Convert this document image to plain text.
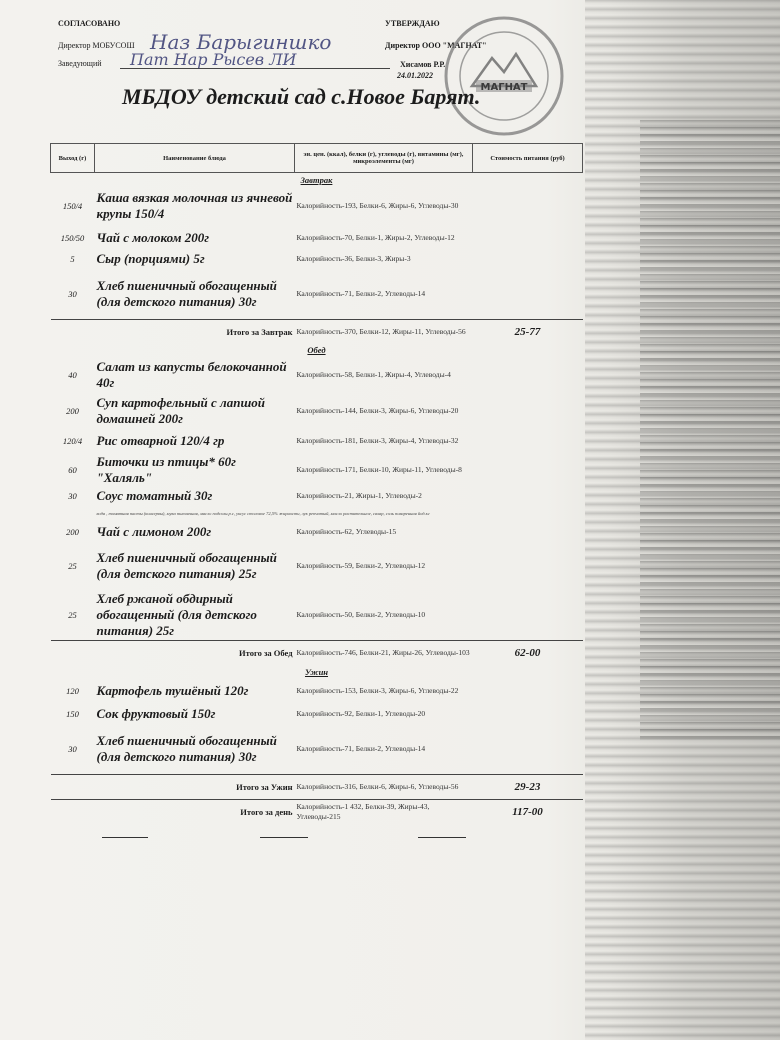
СОГЛАСОВАНО
Директор МОБУСОШ
Заведующий
Наз Барыгиншко
Пат Нар Рысев ЛИ
УТВЕРЖДАЮ
Директор ООО "МАГНАТ"
Хисамов Р.Р.
24.01.2022
МАГНАТ
МБДОУ детский сад с.Новое Барят.
Выход (г)	Наименование блюда	эн. цен. (ккал), белки (г), углеводы (г), витамины (мг), микроэлементы (мг)	Стоимость питания (руб)
Завтрак			
150/4	Каша вязкая молочная из ячневой крупы 150/4	Калорийность-193, Белки-6, Жиры-6, Углеводы-30	
150/50	Чай с молоком 200г	Калорийность-70, Белки-1, Жиры-2, Углеводы-12	
5	Сыр (порциями) 5г	Калорийность-36, Белки-3, Жиры-3	
30	Хлеб пшеничный обогащенный (для детского питания) 30г	Калорийность-71, Белки-2, Углеводы-14	
Итого за Завтрак		Калорийность-370, Белки-12, Жиры-11, Углеводы-56	25-77
Обед			
40	Салат из капусты белокочанной 40г	Калорийность-58, Белки-1, Жиры-4, Углеводы-4	
200	Суп картофельный с лапшой домашней 200г	Калорийность-144, Белки-3, Жиры-6, Углеводы-20	
120/4	Рис отварной 120/4 гр	Калорийность-181, Белки-3, Жиры-4, Углеводы-32	
60	Биточки из птицы* 60г "Халяль"	Калорийность-171, Белки-10, Жиры-11, Углеводы-8	
30	Соус томатный 30г	Калорийность-21, Жиры-1, Углеводы-2	
	вода , томатная пасты (консервы), мука пшеничная, масло подсолн.р.с, уксус столовое 72,5% жирности, лук репчатый, масло растительное, сахар, соль поваренная йод.кг		
200	Чай с лимоном 200г	Калорийность-62, Углеводы-15	
25	Хлеб пшеничный обогащенный (для детского питания) 25г	Калорийность-59, Белки-2, Углеводы-12	
25	Хлеб ржаной обдирный обогащенный (для детского питания) 25г	Калорийность-50, Белки-2, Углеводы-10	
Итого за Обед		Калорийность-746, Белки-21, Жиры-26, Углеводы-103	62-00
Ужин			
120	Картофель тушёный 120г	Калорийность-153, Белки-3, Жиры-6, Углеводы-22	
150	Сок фруктовый 150г	Калорийность-92, Белки-1, Углеводы-20	
30	Хлеб пшеничный обогащенный (для детского питания) 30г	Калорийность-71, Белки-2, Углеводы-14	
Итого за Ужин		Калорийность-316, Белки-6, Жиры-6, Углеводы-56	29-23
Итого за день		Калорийность-1 432, Белки-39, Жиры-43, Углеводы-215	117-00
